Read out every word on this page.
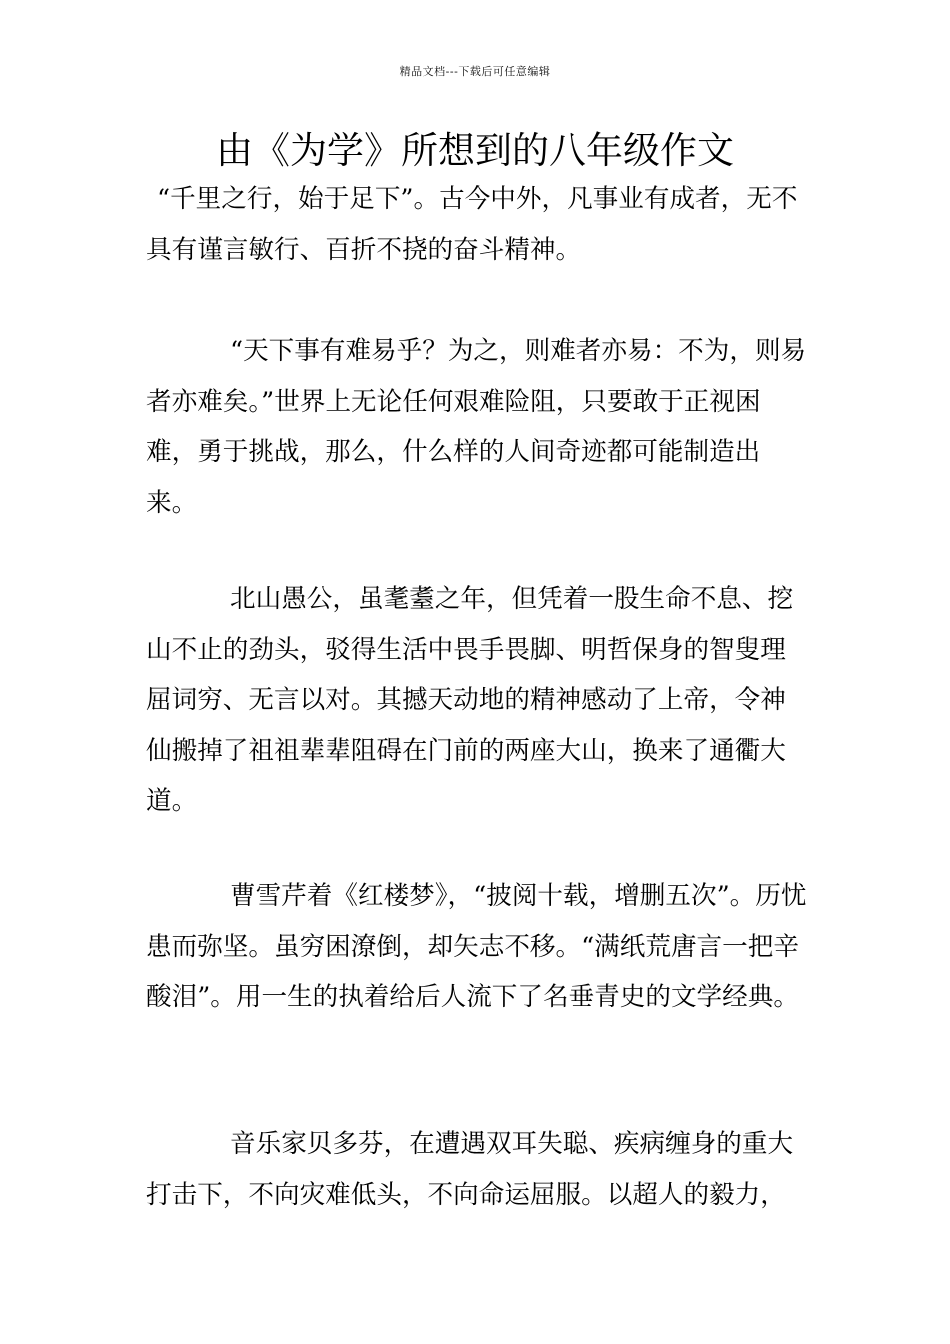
精品文档---下载后可任意编辑
由《为学》所想到的八年级作文

“千里之行，始于足下”。古今中外，凡事业有成者，无不具有谨言敏行、百折不挠的奋斗精神。

“天下事有难易乎？为之，则难者亦易：不为，则易者亦难矣。”世界上无论任何艰难险阻，只要敢于正视困难，勇于挑战，那么，什么样的人间奇迹都可能制造出来。

北山愚公，虽耄耋之年，但凭着一股生命不息、挖山不止的劲头，驳得生活中畏手畏脚、明哲保身的智叟理屈词穷、无言以对。其撼天动地的精神感动了上帝，令神仙搬掉了祖祖辈辈阻碍在门前的两座大山，换来了通衢大道。

曹雪芹着《红楼梦》，“披阅十载，增删五次”。历忧患而弥坚。虽穷困潦倒，却矢志不移。“满纸荒唐言一把辛酸泪”。用一生的执着给后人流下了名垂青史的文学经典。

音乐家贝多芬，在遭遇双耳失聪、疾病缠身的重大打击下，不向灾难低头，不向命运屈服。以超人的毅力，
